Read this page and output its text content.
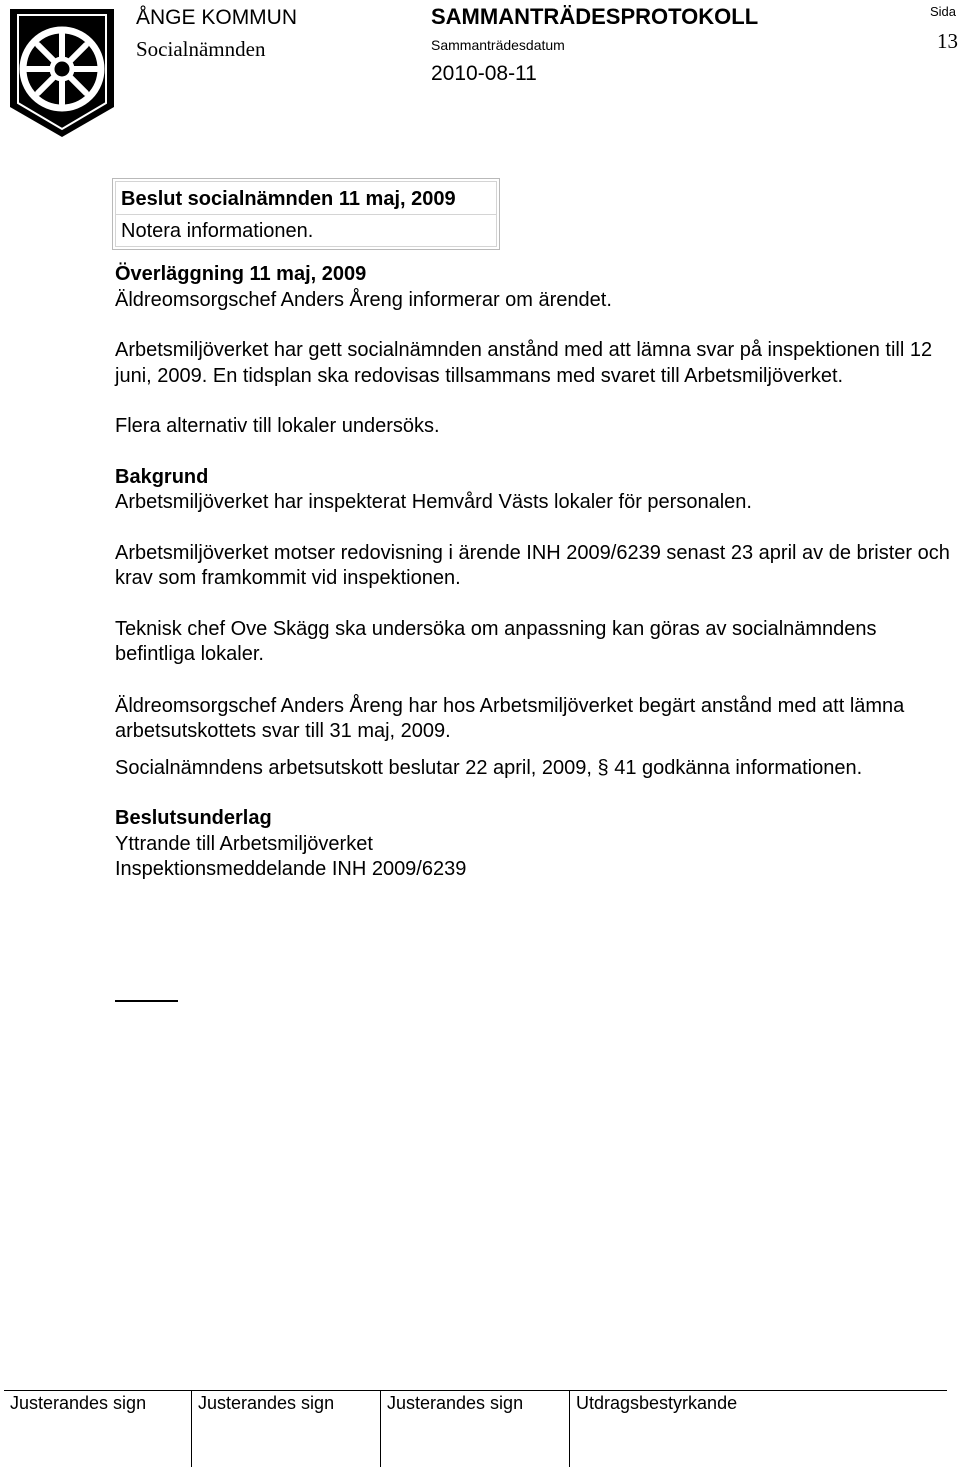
ÅNGE KOMMUN
Socialnämnden
SAMMANTRÄDESPROTOKOLL
Sammanträdesdatum
2010-08-11
Sida
13
Beslut socialnämnden 11 maj, 2009
Notera informationen.

Överläggning 11 maj, 2009

Äldreomsorgschef Anders Åreng informerar om ärendet.

Arbetsmiljöverket har gett socialnämnden anstånd med att lämna svar på inspektionen till 12 juni, 2009. En tidsplan ska redovisas tillsammans med svaret till Arbetsmiljöverket.

Flera alternativ till lokaler undersöks.

Bakgrund

Arbetsmiljöverket har inspekterat Hemvård Västs lokaler för personalen.

Arbetsmiljöverket motser redovisning i ärende INH 2009/6239 senast 23 april av de brister och krav som framkommit vid inspektionen.

Teknisk chef Ove Skägg ska undersöka om anpassning kan göras av socialnämndens befintliga lokaler.

Äldreomsorgschef Anders Åreng har hos Arbetsmiljöverket begärt anstånd med att lämna arbetsutskottets svar till 31 maj, 2009.

Socialnämndens arbetsutskott beslutar 22 april, 2009, § 41 godkänna informationen.

Beslutsunderlag

Yttrande till Arbetsmiljöverket

Inspektionsmeddelande INH 2009/6239

Justerandes sign	Justerandes sign	Justerandes sign	Utdragsbestyrkande
